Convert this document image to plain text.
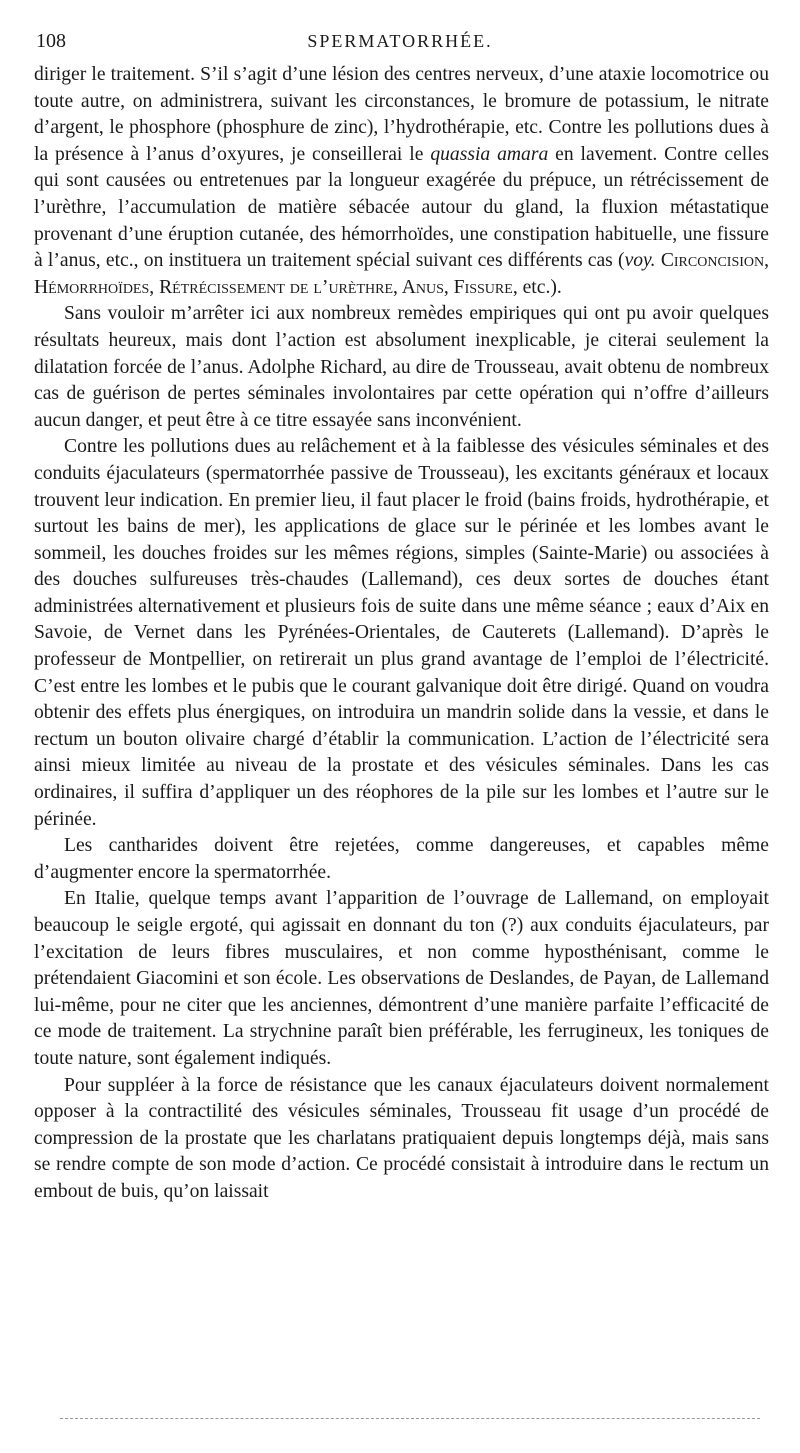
108	SPERMATORRHÉE.

diriger le traitement. S’il s’agit d’une lésion des centres nerveux, d’une ataxie locomotrice ou toute autre, on administrera, suivant les circonstances, le bromure de potassium, le nitrate d’argent, le phosphore (phosphure de zinc), l’hydrothérapie, etc. Contre les pollutions dues à la présence à l’anus d’oxyures, je conseillerai le quassia amara en lavement. Contre celles qui sont causées ou entretenues par la longueur exagérée du prépuce, un rétrécissement de l’urèthre, l’accumulation de matière sébacée autour du gland, la fluxion métastatique provenant d’une éruption cutanée, des hémorrhoïdes, une constipation habituelle, une fissure à l’anus, etc., on instituera un traitement spécial suivant ces différents cas (voy. Circoncision, Hémorrhoïdes, Rétrécissement de l’urèthre, Anus, Fissure, etc.).

Sans vouloir m’arrêter ici aux nombreux remèdes empiriques qui ont pu avoir quelques résultats heureux, mais dont l’action est absolument inexplicable, je citerai seulement la dilatation forcée de l’anus. Adolphe Richard, au dire de Trousseau, avait obtenu de nombreux cas de guérison de pertes séminales involontaires par cette opération qui n’offre d’ailleurs aucun danger, et peut être à ce titre essayée sans inconvénient.

Contre les pollutions dues au relâchement et à la faiblesse des vésicules séminales et des conduits éjaculateurs (spermatorrhée passive de Trousseau), les excitants généraux et locaux trouvent leur indication. En premier lieu, il faut placer le froid (bains froids, hydrothérapie, et surtout les bains de mer), les applications de glace sur le périnée et les lombes avant le sommeil, les douches froides sur les mêmes régions, simples (Sainte-Marie) ou associées à des douches sulfureuses très-chaudes (Lallemand), ces deux sortes de douches étant administrées alternativement et plusieurs fois de suite dans une même séance ; eaux d’Aix en Savoie, de Vernet dans les Pyrénées-Orientales, de Cauterets (Lallemand). D’après le professeur de Montpellier, on retirerait un plus grand avantage de l’emploi de l’électricité. C’est entre les lombes et le pubis que le courant galvanique doit être dirigé. Quand on voudra obtenir des effets plus énergiques, on introduira un mandrin solide dans la vessie, et dans le rectum un bouton olivaire chargé d’établir la communication. L’action de l’électricité sera ainsi mieux limitée au niveau de la prostate et des vésicules séminales. Dans les cas ordinaires, il suffira d’appliquer un des réophores de la pile sur les lombes et l’autre sur le périnée.

Les cantharides doivent être rejetées, comme dangereuses, et capables même d’augmenter encore la spermatorrhée.

En Italie, quelque temps avant l’apparition de l’ouvrage de Lallemand, on employait beaucoup le seigle ergoté, qui agissait en donnant du ton (?) aux conduits éjaculateurs, par l’excitation de leurs fibres musculaires, et non comme hyposthénisant, comme le prétendaient Giacomini et son école. Les observations de Deslandes, de Payan, de Lallemand lui-même, pour ne citer que les anciennes, démontrent d’une manière parfaite l’efficacité de ce mode de traitement. La strychnine paraît bien préférable, les ferrugineux, les toniques de toute nature, sont également indiqués.

Pour suppléer à la force de résistance que les canaux éjaculateurs doivent normalement opposer à la contractilité des vésicules séminales, Trousseau fit usage d’un procédé de compression de la prostate que les charlatans pratiquaient depuis longtemps déjà, mais sans se rendre compte de son mode d’action. Ce procédé consistait à introduire dans le rectum un embout de buis, qu’on laissait
